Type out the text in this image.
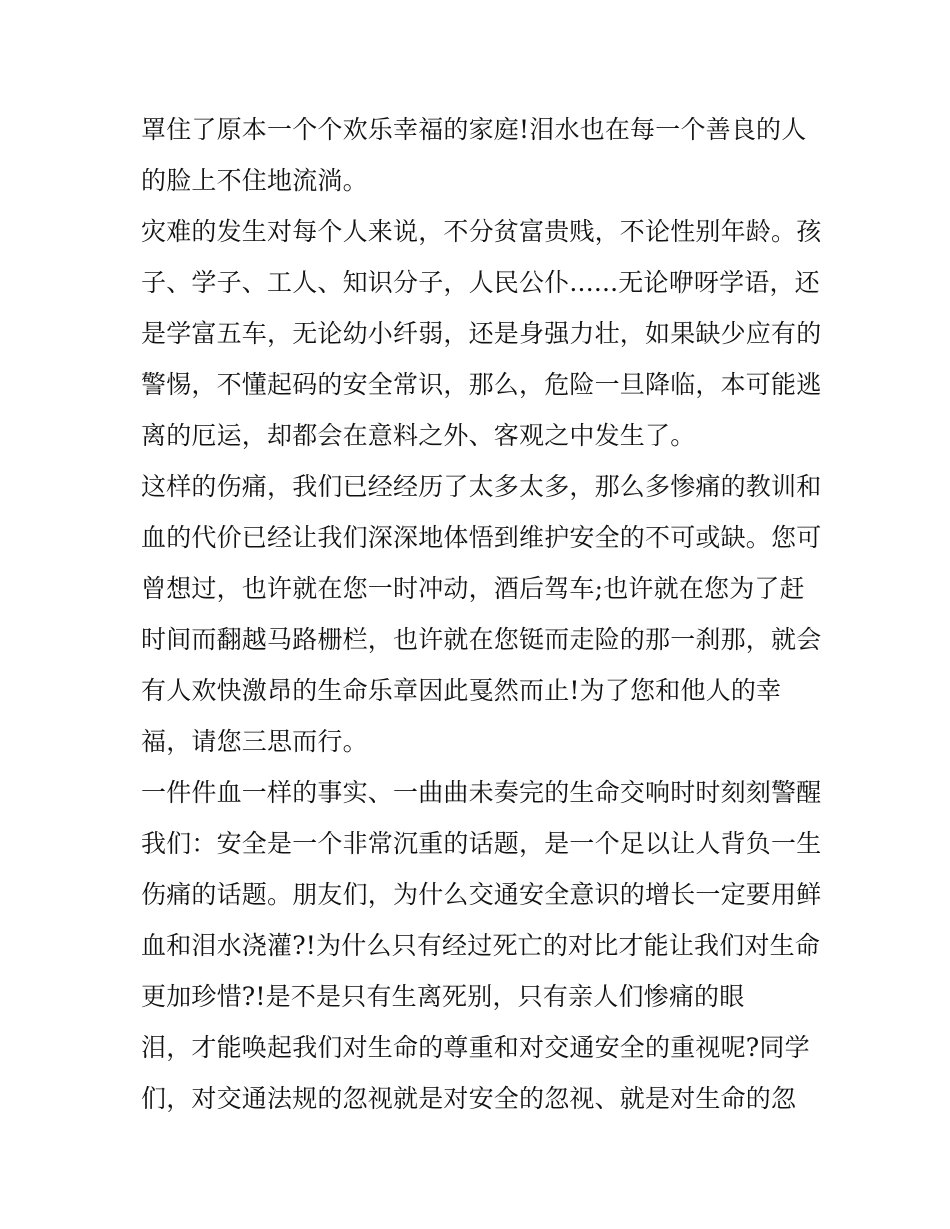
罩住了原本一个个欢乐幸福的家庭!泪水也在每一个善良的人
的脸上不住地流淌。
灾难的发生对每个人来说，不分贫富贵贱，不论性别年龄。孩
子、学子、工人、知识分子，人民公仆......无论咿呀学语，还
是学富五车，无论幼小纤弱，还是身强力壮，如果缺少应有的
警惕，不懂起码的安全常识，那么，危险一旦降临，本可能逃
离的厄运，却都会在意料之外、客观之中发生了。
这样的伤痛，我们已经经历了太多太多，那么多惨痛的教训和
血的代价已经让我们深深地体悟到维护安全的不可或缺。您可
曾想过，也许就在您一时冲动，酒后驾车;也许就在您为了赶
时间而翻越马路栅栏，也许就在您铤而走险的那一刹那，就会
有人欢快激昂的生命乐章因此戛然而止!为了您和他人的幸
福，请您三思而行。
一件件血一样的事实、一曲曲未奏完的生命交响时时刻刻警醒
我们：安全是一个非常沉重的话题，是一个足以让人背负一生
伤痛的话题。朋友们，为什么交通安全意识的增长一定要用鲜
血和泪水浇灌?!为什么只有经过死亡的对比才能让我们对生命
更加珍惜?!是不是只有生离死别，只有亲人们惨痛的眼
泪，才能唤起我们对生命的尊重和对交通安全的重视呢?同学
们，对交通法规的忽视就是对安全的忽视、就是对生命的忽
